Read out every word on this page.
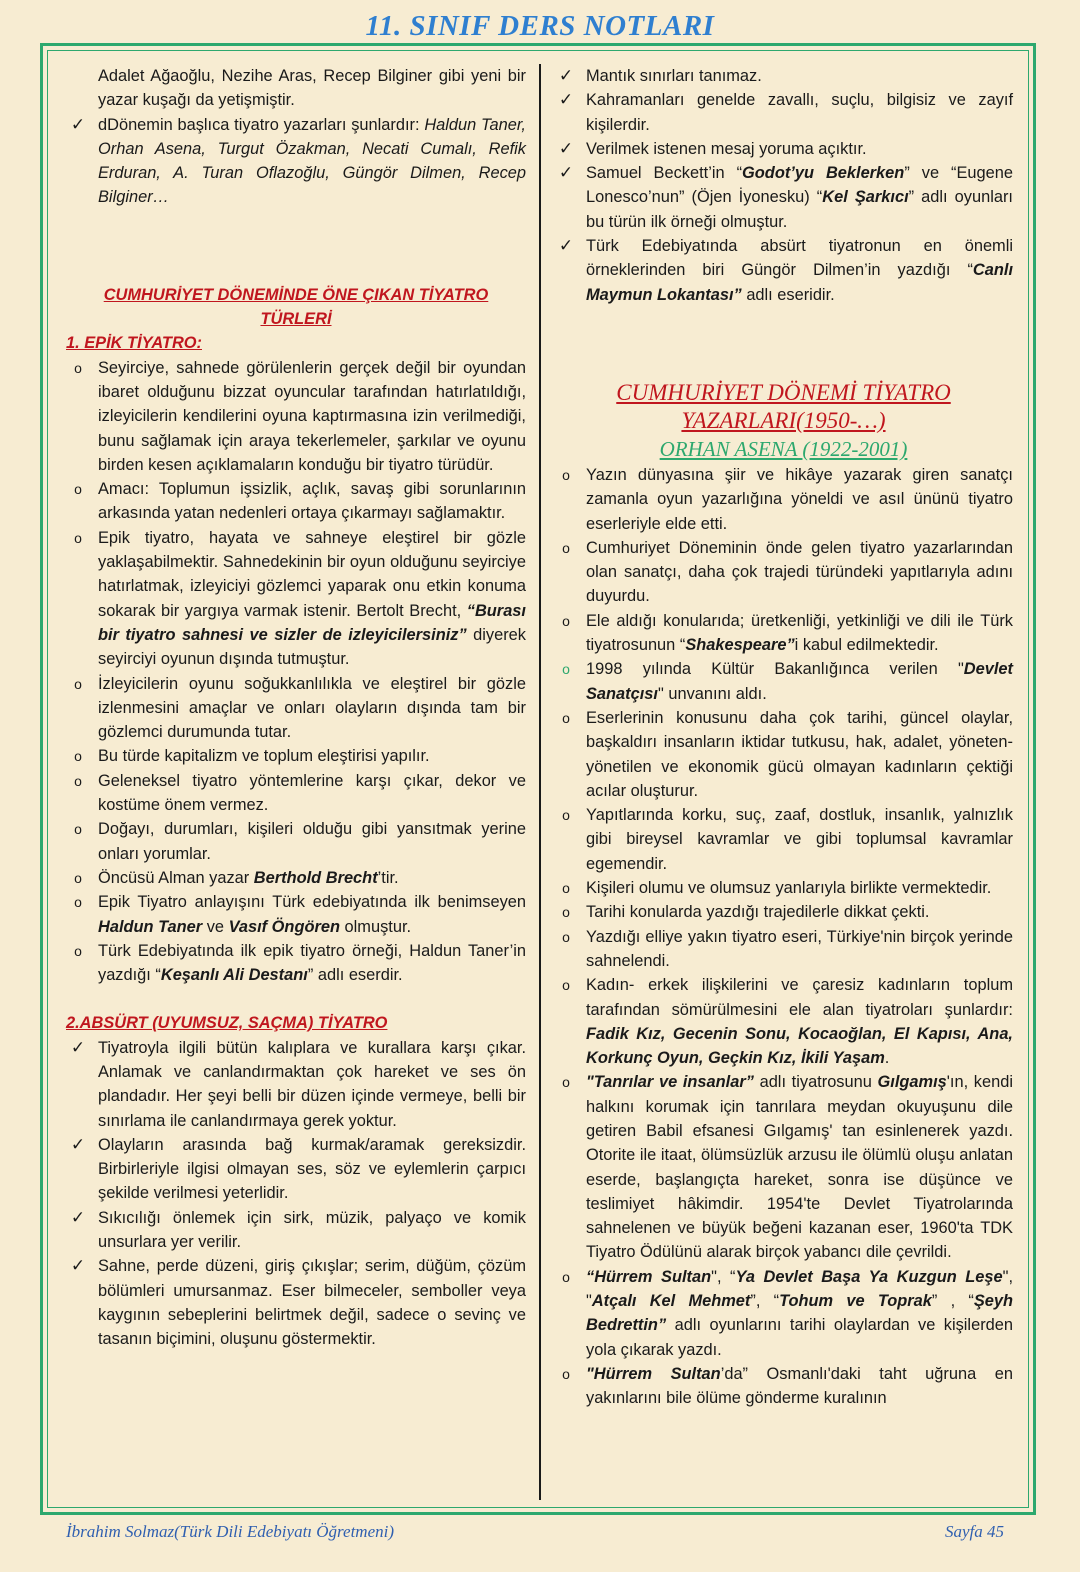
11. SINIF DERS NOTLARI

Adalet Ağaoğlu, Nezihe Aras, Recep Bilginer gibi yeni bir yazar kuşağı da yetişmiştir.

✓ dDönemin başlıca tiyatro yazarları şunlardır: Haldun Taner, Orhan Asena, Turgut Özakman, Necati Cumalı, Refik Erduran, A. Turan Oflazoğlu, Güngör Dilmen, Recep Bilginer…

CUMHURİYET DÖNEMİNDE ÖNE ÇIKAN TİYATRO TÜRLERİ

1. EPİK TİYATRO:

o Seyirciye, sahnede görülenlerin gerçek değil bir oyundan ibaret olduğunu bizzat oyuncular tarafından hatırlatıldığı, izleyicilerin kendilerini oyuna kaptırmasına izin verilmediği, bunu sağlamak için araya tekerlemeler, şarkılar ve oyunu birden kesen açıklamaların konduğu bir tiyatro türüdür.

o Amacı: Toplumun işsizlik, açlık, savaş gibi sorunlarının arkasında yatan nedenleri ortaya çıkarmayı sağlamaktır.

o Epik tiyatro, hayata ve sahneye eleştirel bir gözle yaklaşabilmektir. Sahnedekinin bir oyun olduğunu seyirciye hatırlatmak, izleyiciyi gözlemci yaparak onu etkin konuma sokarak bir yargıya varmak istenir. Bertolt Brecht, “Burası bir tiyatro sahnesi ve sizler de izleyicilersiniz” diyerek seyirciyi oyunun dışında tutmuştur.

o İzleyicilerin oyunu soğukkanlılıkla ve eleştirel bir gözle izlenmesini amaçlar ve onları olayların dışında tam bir gözlemci durumunda tutar.

o Bu türde kapitalizm ve toplum eleştirisi yapılır.

o Geleneksel tiyatro yöntemlerine karşı çıkar, dekor ve kostüme önem vermez.

o Doğayı, durumları, kişileri olduğu gibi yansıtmak yerine onları yorumlar.

o Öncüsü Alman yazar Berthold Brecht’tir.

o Epik Tiyatro anlayışını Türk edebiyatında ilk benimseyen Haldun Taner ve Vasıf Öngören olmuştur.

o Türk Edebiyatında ilk epik tiyatro örneği, Haldun Taner’in yazdığı “Keşanlı Ali Destanı” adlı eserdir.

2.ABSÜRT (UYUMSUZ, SAÇMA) TİYATRO

✓ Tiyatroyla ilgili bütün kalıplara ve kurallara karşı çıkar. Anlamak ve canlandırmaktan çok hareket ve ses ön plandadır. Her şeyi belli bir düzen içinde vermeye, belli bir sınırlama ile canlandırmaya gerek yoktur.

✓ Olayların arasında bağ kurmak/aramak gereksizdir. Birbirleriyle ilgisi olmayan ses, söz ve eylemlerin çarpıcı şekilde verilmesi yeterlidir.

✓ Sıkıcılığı önlemek için sirk, müzik, palyaço ve komik unsurlara yer verilir.

✓ Sahne, perde düzeni, giriş çıkışlar; serim, düğüm, çözüm bölümleri umursanmaz. Eser bilmeceler, semboller veya kaygının sebeplerini belirtmek değil, sadece o sevinç ve tasanın biçimini, oluşunu göstermektir.

✓ Mantık sınırları tanımaz.

✓ Kahramanları genelde zavallı, suçlu, bilgisiz ve zayıf kişilerdir.

✓ Verilmek istenen mesaj yoruma açıktır.

✓ Samuel Beckett’in “Godot’yu Beklerken” ve “Eugene Lonesco’nun” (Öjen İyonesku) “Kel Şarkıcı” adlı oyunları bu türün ilk örneği olmuştur.

✓ Türk Edebiyatında absürt tiyatronun en önemli örneklerinden biri Güngör Dilmen’in yazdığı “Canlı Maymun Lokantası” adlı eseridir.

CUMHURİYET DÖNEMİ TİYATRO YAZARLARI(1950-…)

ORHAN ASENA (1922-2001)

o Yazın dünyasına şiir ve hikâye yazarak giren sanatçı zamanla oyun yazarlığına yöneldi ve asıl ününü tiyatro eserleriyle elde etti.

o Cumhuriyet Döneminin önde gelen tiyatro yazarlarından olan sanatçı, daha çok trajedi türündeki yapıtlarıyla adını duyurdu.

o Ele aldığı konularıda; üretkenliği, yetkinliği ve dili ile Türk tiyatrosunun “Shakespeare”i kabul edilmektedir.

o 1998 yılında Kültür Bakanlığınca verilen "Devlet Sanatçısı" unvanını aldı.

o Eserlerinin konusunu daha çok tarihi, güncel olaylar, başkaldırı insanların iktidar tutkusu, hak, adalet, yöneten-yönetilen ve ekonomik gücü olmayan kadınların çektiği acılar oluşturur.

o Yapıtlarında korku, suç, zaaf, dostluk, insanlık, yalnızlık gibi bireysel kavramlar ve gibi toplumsal kavramlar egemendir.

o Kişileri olumu ve olumsuz yanlarıyla birlikte vermektedir.

o Tarihi konularda yazdığı trajedilerle dikkat çekti.

o Yazdığı elliye yakın tiyatro eseri, Türkiye'nin birçok yerinde sahnelendi.

o Kadın- erkek ilişkilerini ve çaresiz kadınların toplum tarafından sömürülmesini ele alan tiyatroları şunlardır: Fadik Kız, Gecenin Sonu, Kocaoğlan, El Kapısı, Ana, Korkunç Oyun, Geçkin Kız, İkili Yaşam.

o "Tanrılar ve insanlar” adlı tiyatrosunu Gılgamış'ın, kendi halkını korumak için tanrılara meydan okuyuşunu dile getiren Babil efsanesi Gılgamış' tan esinlenerek yazdı. Otorite ile itaat, ölümsüzlük arzusu ile ölümlü oluşu anlatan eserde, başlangıçta hareket, sonra ise düşünce ve teslimiyet hâkimdir. 1954'te Devlet Tiyatrolarında sahnelenen ve büyük beğeni kazanan eser, 1960'ta TDK Tiyatro Ödülünü alarak birçok yabancı dile çevrildi.

o “Hürrem Sultan", “Ya Devlet Başa Ya Kuzgun Leşe", "Atçalı Kel Mehmet”, “Tohum ve Toprak” , “Şeyh Bedrettin” adlı oyunlarını tarihi olaylardan ve kişilerden yola çıkarak yazdı.

o "Hürrem Sultan’da” Osmanlı'daki taht uğruna en yakınlarını bile ölüme gönderme kuralının

İbrahim Solmaz(Türk Dili Edebiyatı Öğretmeni)	Sayfa 45
